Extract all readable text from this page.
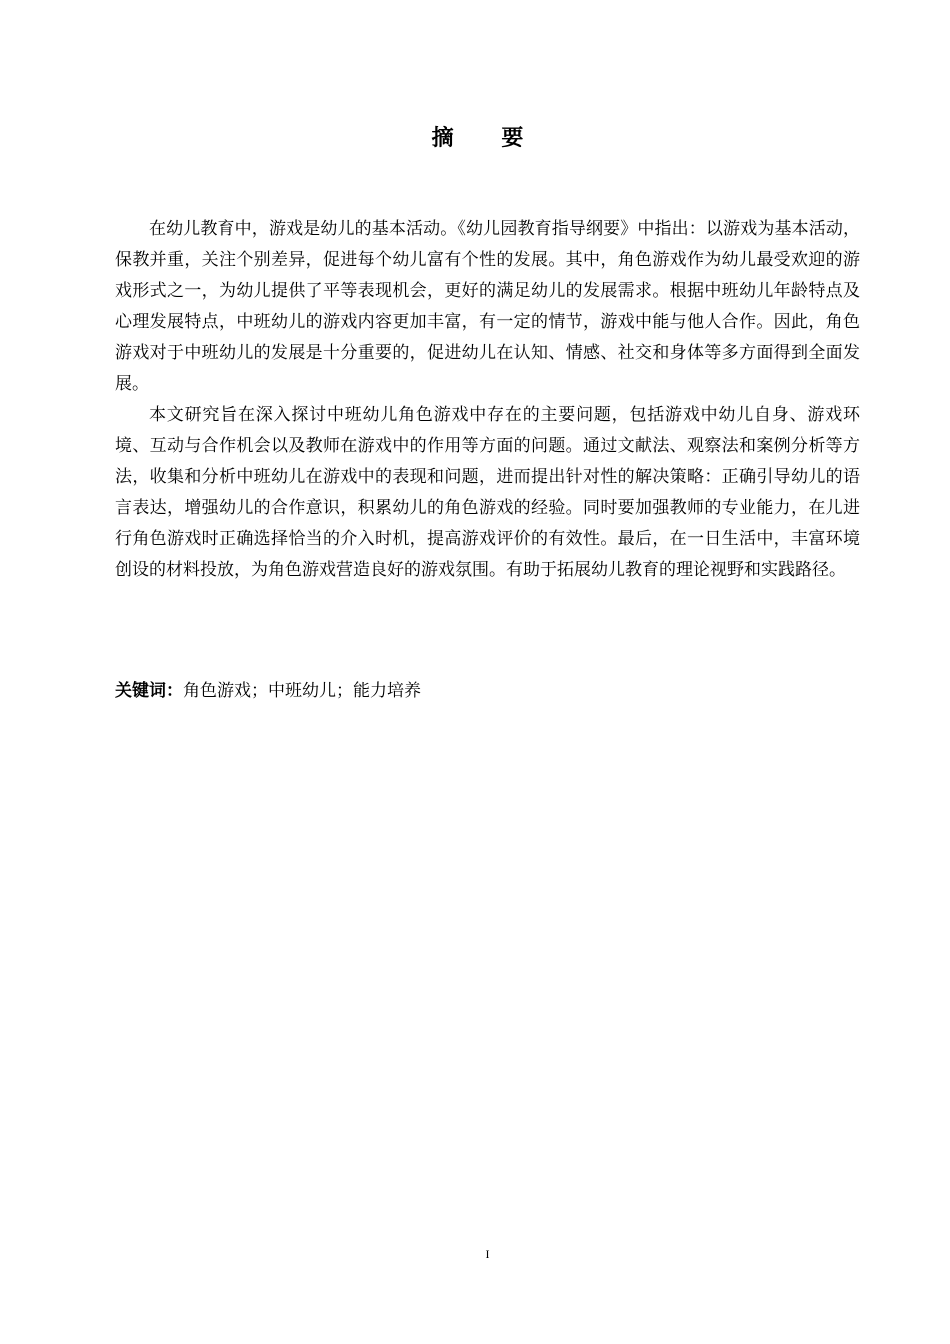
摘 要

在幼儿教育中，游戏是幼儿的基本活动。《幼儿园教育指导纲要》中指出：以游戏为基本活动，保教并重，关注个别差异，促进每个幼儿富有个性的发展。其中，角色游戏作为幼儿最受欢迎的游戏形式之一，为幼儿提供了平等表现机会，更好的满足幼儿的发展需求。根据中班幼儿年龄特点及心理发展特点，中班幼儿的游戏内容更加丰富，有一定的情节，游戏中能与他人合作。因此，角色游戏对于中班幼儿的发展是十分重要的，促进幼儿在认知、情感、社交和身体等多方面得到全面发展。

本文研究旨在深入探讨中班幼儿角色游戏中存在的主要问题，包括游戏中幼儿自身、游戏环境、互动与合作机会以及教师在游戏中的作用等方面的问题。通过文献法、观察法和案例分析等方法，收集和分析中班幼儿在游戏中的表现和问题，进而提出针对性的解决策略：正确引导幼儿的语言表达，增强幼儿的合作意识，积累幼儿的角色游戏的经验。同时要加强教师的专业能力，在儿进行角色游戏时正确选择恰当的介入时机，提高游戏评价的有效性。最后，在一日生活中，丰富环境创设的材料投放，为角色游戏营造良好的游戏氛围。有助于拓展幼儿教育的理论视野和实践路径。

关键词：角色游戏；中班幼儿；能力培养
I
